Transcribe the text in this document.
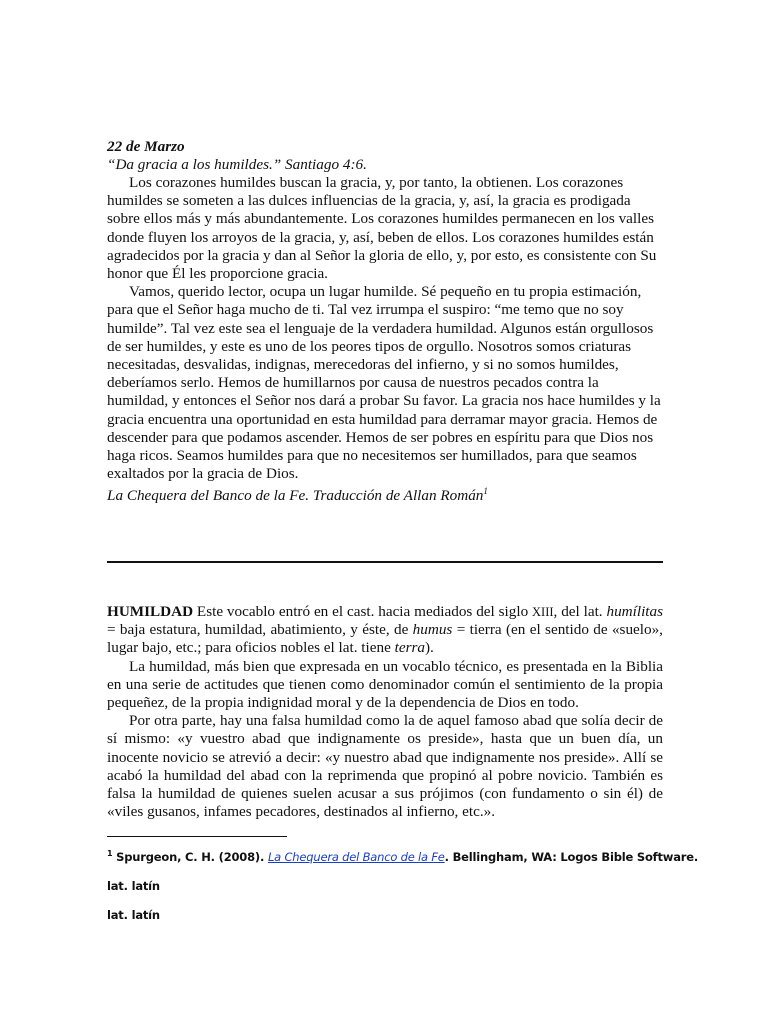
22 de Marzo
“Da gracia a los humildes.” Santiago 4:6.

Los corazones humildes buscan la gracia, y, por tanto, la obtienen. Los corazones humildes se someten a las dulces influencias de la gracia, y, así, la gracia es prodigada sobre ellos más y más abundantemente. Los corazones humildes permanecen en los valles donde fluyen los arroyos de la gracia, y, así, beben de ellos. Los corazones humildes están agradecidos por la gracia y dan al Señor la gloria de ello, y, por esto, es consistente con Su honor que Él les proporcione gracia.

Vamos, querido lector, ocupa un lugar humilde. Sé pequeño en tu propia estimación, para que el Señor haga mucho de ti. Tal vez irrumpa el suspiro: “me temo que no soy humilde”. Tal vez este sea el lenguaje de la verdadera humildad. Algunos están orgullosos de ser humildes, y este es uno de los peores tipos de orgullo. Nosotros somos criaturas necesitadas, desvalidas, indignas, merecedoras del infierno, y si no somos humildes, deberíamos serlo. Hemos de humillarnos por causa de nuestros pecados contra la humildad, y entonces el Señor nos dará a probar Su favor. La gracia nos hace humildes y la gracia encuentra una oportunidad en esta humildad para derramar mayor gracia. Hemos de descender para que podamos ascender. Hemos de ser pobres en espíritu para que Dios nos haga ricos. Seamos humildes para que no necesitemos ser humillados, para que seamos exaltados por la gracia de Dios.

La Chequera del Banco de la Fe. Traducción de Allan Román$^1$

HUMILDAD Este vocablo entró en el cast. hacia mediados del siglo XIII, del lat. humílitas = baja estatura, humildad, abatimiento, y éste, de humus = tierra (en el sentido de «suelo», lugar bajo, etc.; para oficios nobles el lat. tiene terra).

La humildad, más bien que expresada en un vocablo técnico, es presentada en la Biblia en una serie de actitudes que tienen como denominador común el sentimiento de la propia pequeñez, de la propia indignidad moral y de la dependencia de Dios en todo.

Por otra parte, hay una falsa humildad como la de aquel famoso abad que solía decir de sí mismo: «y vuestro abad que indignamente os preside», hasta que un buen día, un inocente novicio se atrevió a decir: «y nuestro abad que indignamente nos preside». Allí se acabó la humildad del abad con la reprimenda que propinó al pobre novicio. También es falsa la humildad de quienes suelen acusar a sus prójimos (con fundamento o sin él) de «viles gusanos, infames pecadores, destinados al infierno, etc.».

$^1$ Spurgeon, C. H. (2008). La Chequera del Banco de la Fe. Bellingham, WA: Logos Bible Software.

lat. latín

lat. latín
